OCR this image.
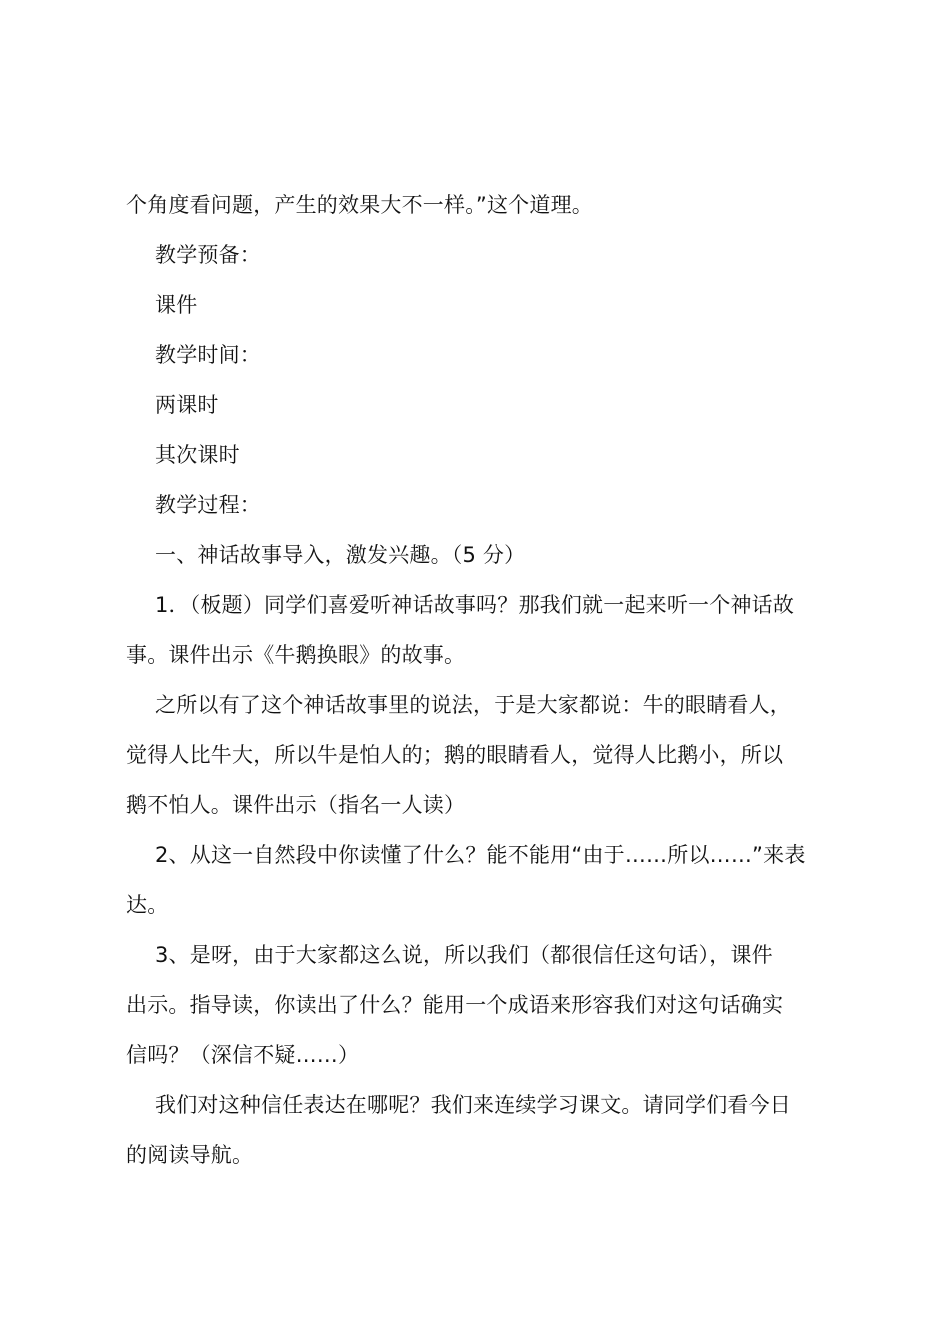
个角度看问题，产生的效果大不一样。”这个道理。
教学预备：
课件
教学时间：
两课时
其次课时
教学过程：
一、神话故事导入，激发兴趣。（5 分）
1．（板题）同学们喜爱听神话故事吗？那我们就一起来听一个神话故
事。课件出示《牛鹅换眼》的故事。
之所以有了这个神话故事里的说法，于是大家都说：牛的眼睛看人，
觉得人比牛大，所以牛是怕人的；鹅的眼睛看人，觉得人比鹅小，所以
鹅不怕人。课件出示（指名一人读）
2、从这一自然段中你读懂了什么？能不能用“由于……所以……”来表
达。
3、是呀，由于大家都这么说，所以我们（都很信任这句话），课件
出示。指导读，你读出了什么？能用一个成语来形容我们对这句话确实
信吗？（深信不疑……）
我们对这种信任表达在哪呢？我们来连续学习课文。请同学们看今日
的阅读导航。
